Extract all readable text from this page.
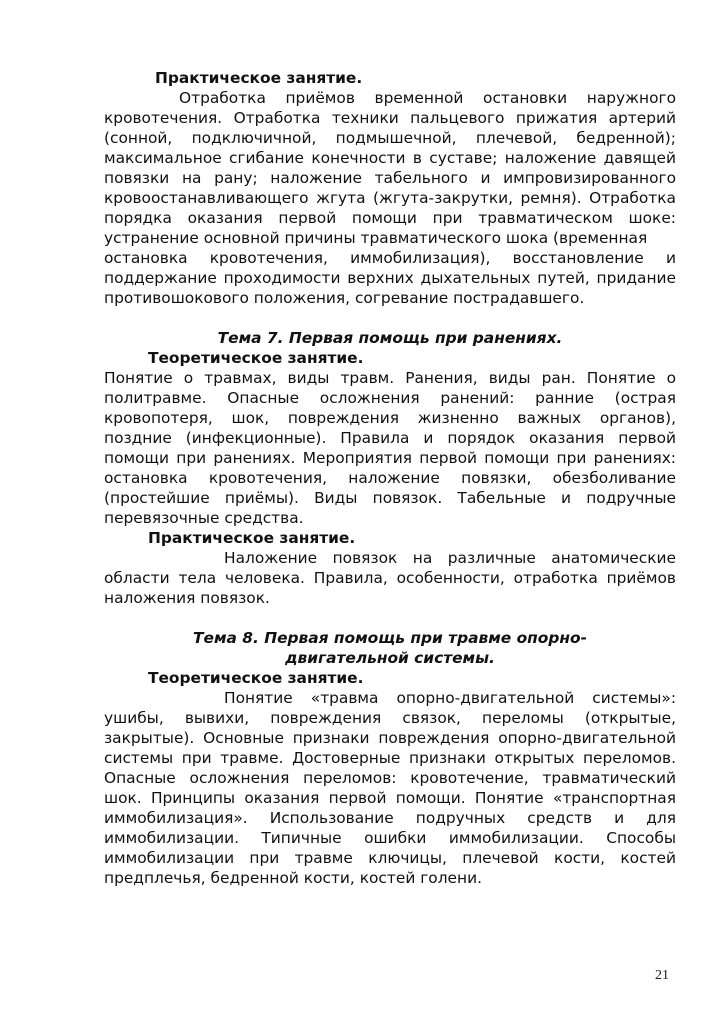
Практическое занятие.

Отработка приёмов временной остановки наружного кровотечения. Отработка техники пальцевого прижатия артерий (сонной, подключичной, подмышечной, плечевой, бедренной); максимальное сгибание конечности в суставе; наложение давящей повязки на рану; наложение табельного и импровизированного кровоостанавливающего жгута (жгута-закрутки, ремня). Отработка порядка оказания первой помощи при травматическом шоке: устранение основной причины травматического шока (временная

остановка кровотечения, иммобилизация), восстановление и поддержание проходимости верхних дыхательных путей, придание противошокового положения, согревание пострадавшего.

Тема 7. Первая помощь при ранениях.

Теоретическое занятие.

Понятие о травмах, виды травм. Ранения, виды ран. Понятие о политравме. Опасные осложнения ранений: ранние (острая кровопотеря, шок, повреждения жизненно важных органов), поздние (инфекционные). Правила и порядок оказания первой помощи при ранениях. Мероприятия первой помощи при ранениях: остановка кровотечения, наложение повязки, обезболивание (простейшие приёмы). Виды повязок. Табельные и подручные перевязочные средства.

Практическое занятие.

Наложение повязок на различные анатомические области тела человека. Правила, особенности, отработка приёмов наложения повязок.

Тема 8. Первая помощь при травме опорно-

двигательной системы.

Теоретическое занятие.

Понятие «травма опорно-двигательной системы»: ушибы, вывихи, повреждения связок, переломы (открытые, закрытые). Основные признаки повреждения опорно-двигательной системы при травме. Достоверные признаки открытых переломов. Опасные осложнения переломов: кровотечение, травматический шок. Принципы оказания первой помощи. Понятие «транспортная иммобилизация». Использование подручных средств и для иммобилизации. Типичные ошибки иммобилизации. Способы иммобилизации при травме ключицы, плечевой кости, костей предплечья, бедренной кости, костей голени.

21
